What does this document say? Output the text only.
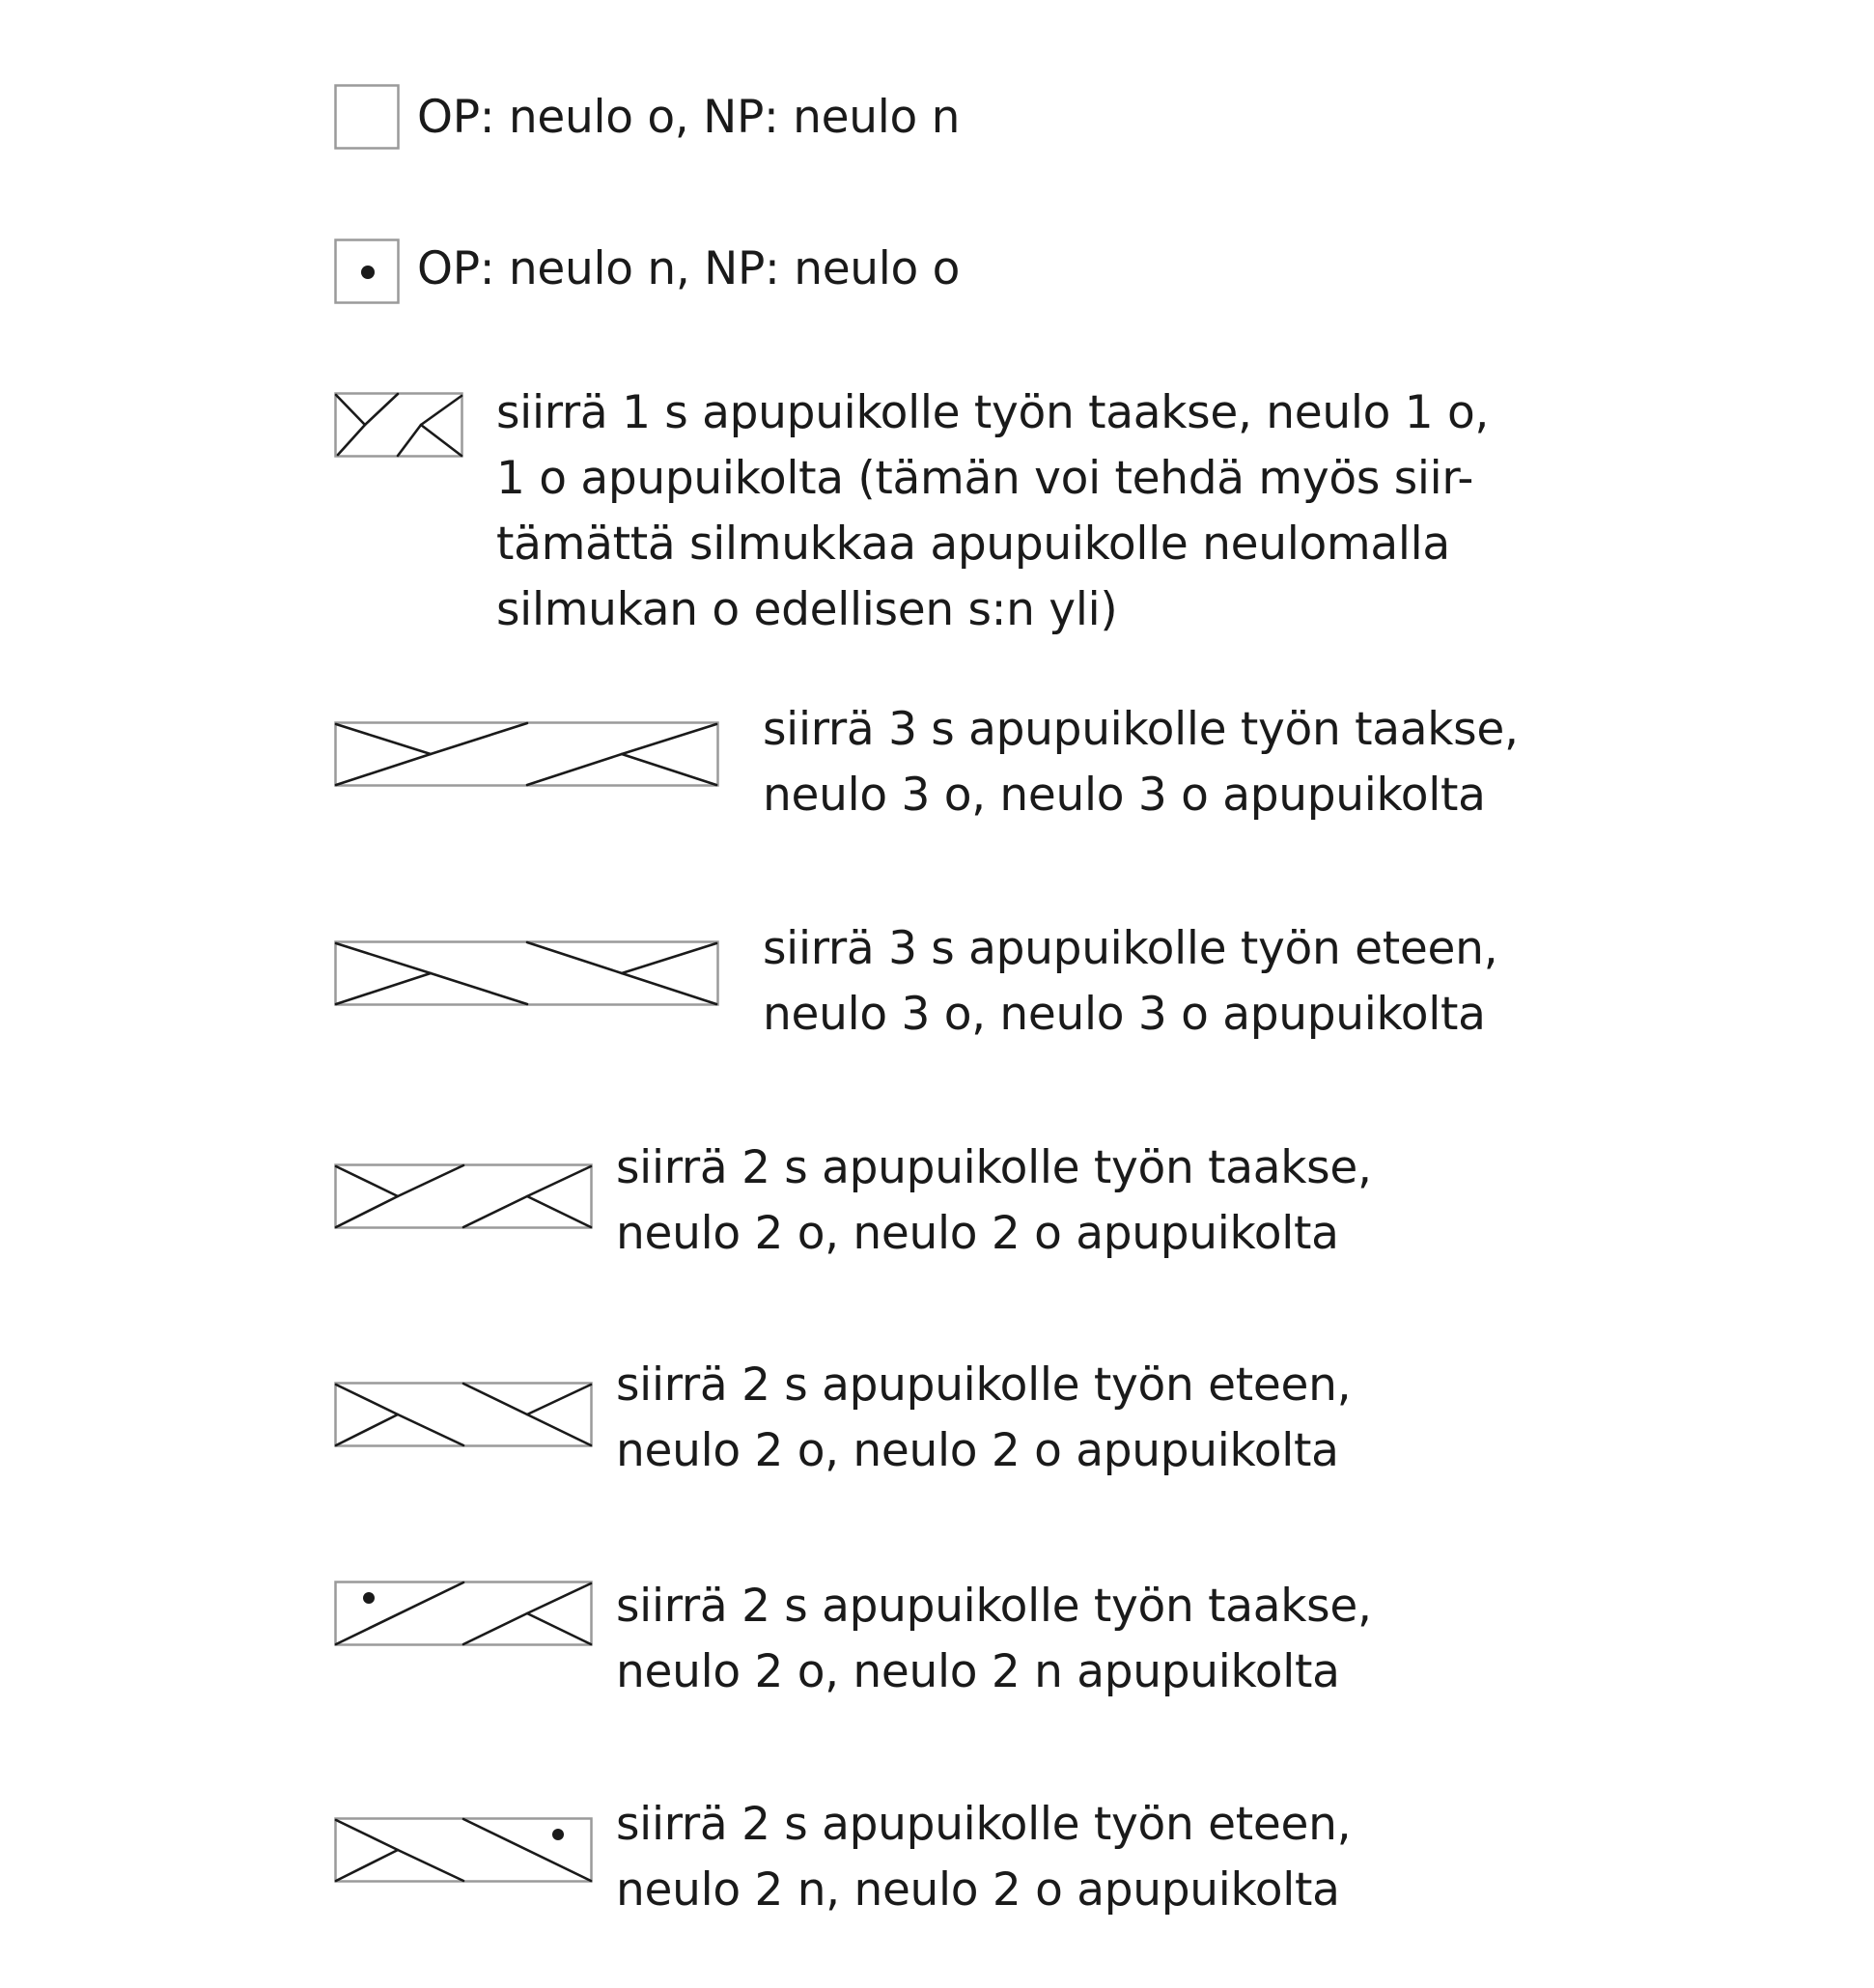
OP: neulo o, NP: neulo n

OP: neulo n, NP: neulo o

siirrä 1 s apupuikolle työn taakse, neulo 1 o,
1 o apupuikolta (tämän voi tehdä myös siir-
tämättä silmukkaa apupuikolle neulomalla
silmukan o edellisen s:n yli)

siirrä 3 s apupuikolle työn taakse,
neulo 3 o, neulo 3 o apupuikolta

siirrä 3 s apupuikolle työn eteen,
neulo 3 o, neulo 3 o apupuikolta

siirrä 2 s apupuikolle työn taakse,
neulo 2 o, neulo 2 o apupuikolta

siirrä 2 s apupuikolle työn eteen,
neulo 2 o, neulo 2 o apupuikolta

siirrä 2 s apupuikolle työn taakse,
neulo 2 o, neulo 2 n apupuikolta

siirrä 2 s apupuikolle työn eteen,
neulo 2 n, neulo 2 o apupuikolta
